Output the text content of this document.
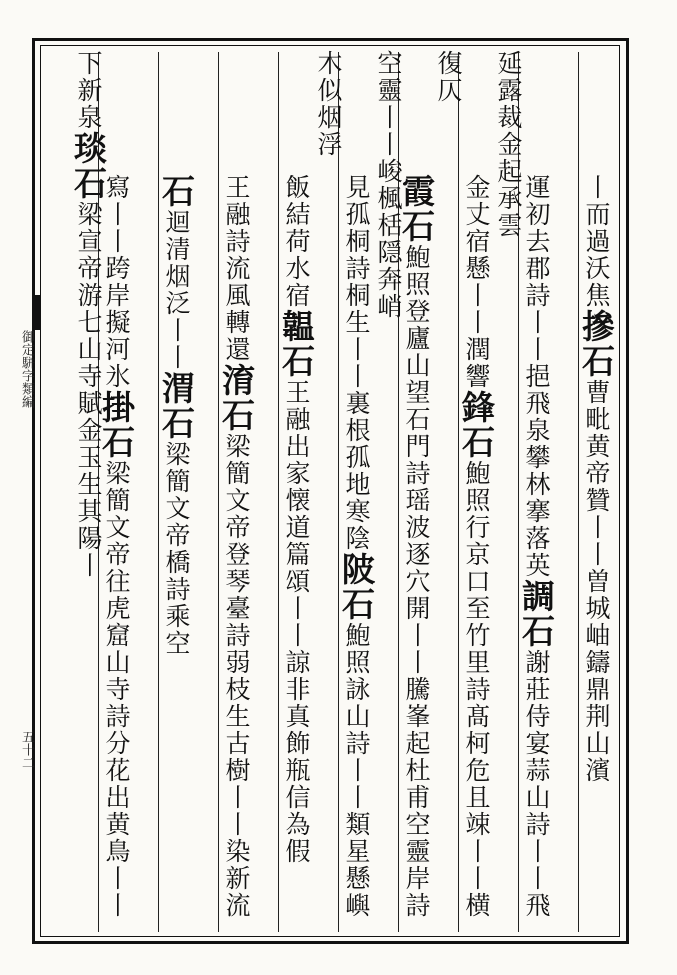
御定駢字類編
五十二

丨而過沃焦摻石曹毗黄帝贊丨丨曽城岫鑄鼎荆山濱

運初去郡詩丨丨挹飛泉攀林搴落英調石謝莊侍宴蒜山詩丨丨飛延露裁金起承雲

金丈宿懸丨丨潤響鋒石鮑照行京口至竹里詩髙柯危且竦丨丨横復仄

霞石鮑照登廬山望石門詩瑶波逐穴開丨丨騰峯起杜甫空靈岸詩空靈丨丨峻楓栝隠奔峭

見孤桐詩桐生丨丨裏根孤地寒陰陂石鮑照詠山詩丨丨類星懸嶼木似烟浮

飯結荷水宿韞石王融出家懐道篇頌丨丨諒非真飾瓶信為假

王融詩流風轉還淯石梁簡文帝登琴臺詩弱枝生古樹丨丨染新流

石迴清烟泛丨丨渭石梁簡文帝橋詩乘空

寫丨丨跨岸擬河氷掛石梁簡文帝往虎窟山寺詩分花出黄鳥丨丨下新泉琰石梁宣帝游七山寺賦金玉生其陽丨
